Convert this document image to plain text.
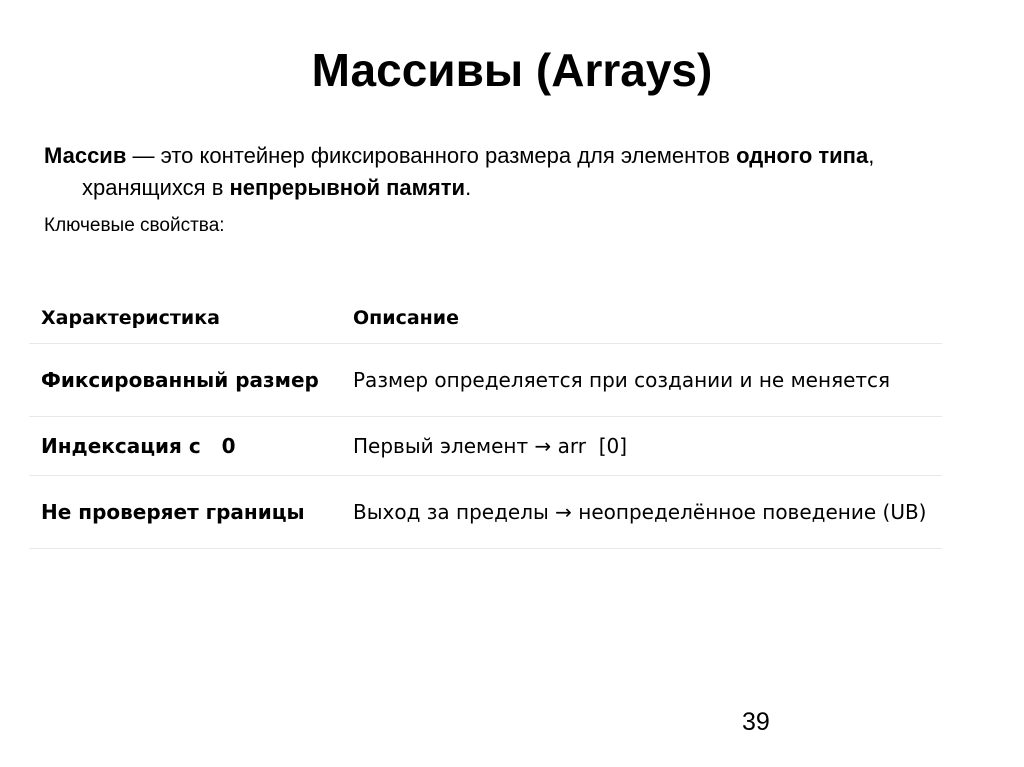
Массивы (Arrays)
Массив — это контейнер фиксированного размера для элементов одного типа, хранящихся в непрерывной памяти.
Ключевые свойства:
Характеристика	Описание
Фиксированный размер	Размер определяется при создании и не меняется
Индексация с   0	Первый элемент → arr  [0]
Не проверяет границы	Выход за пределы → неопределённое поведение (UB)
39
